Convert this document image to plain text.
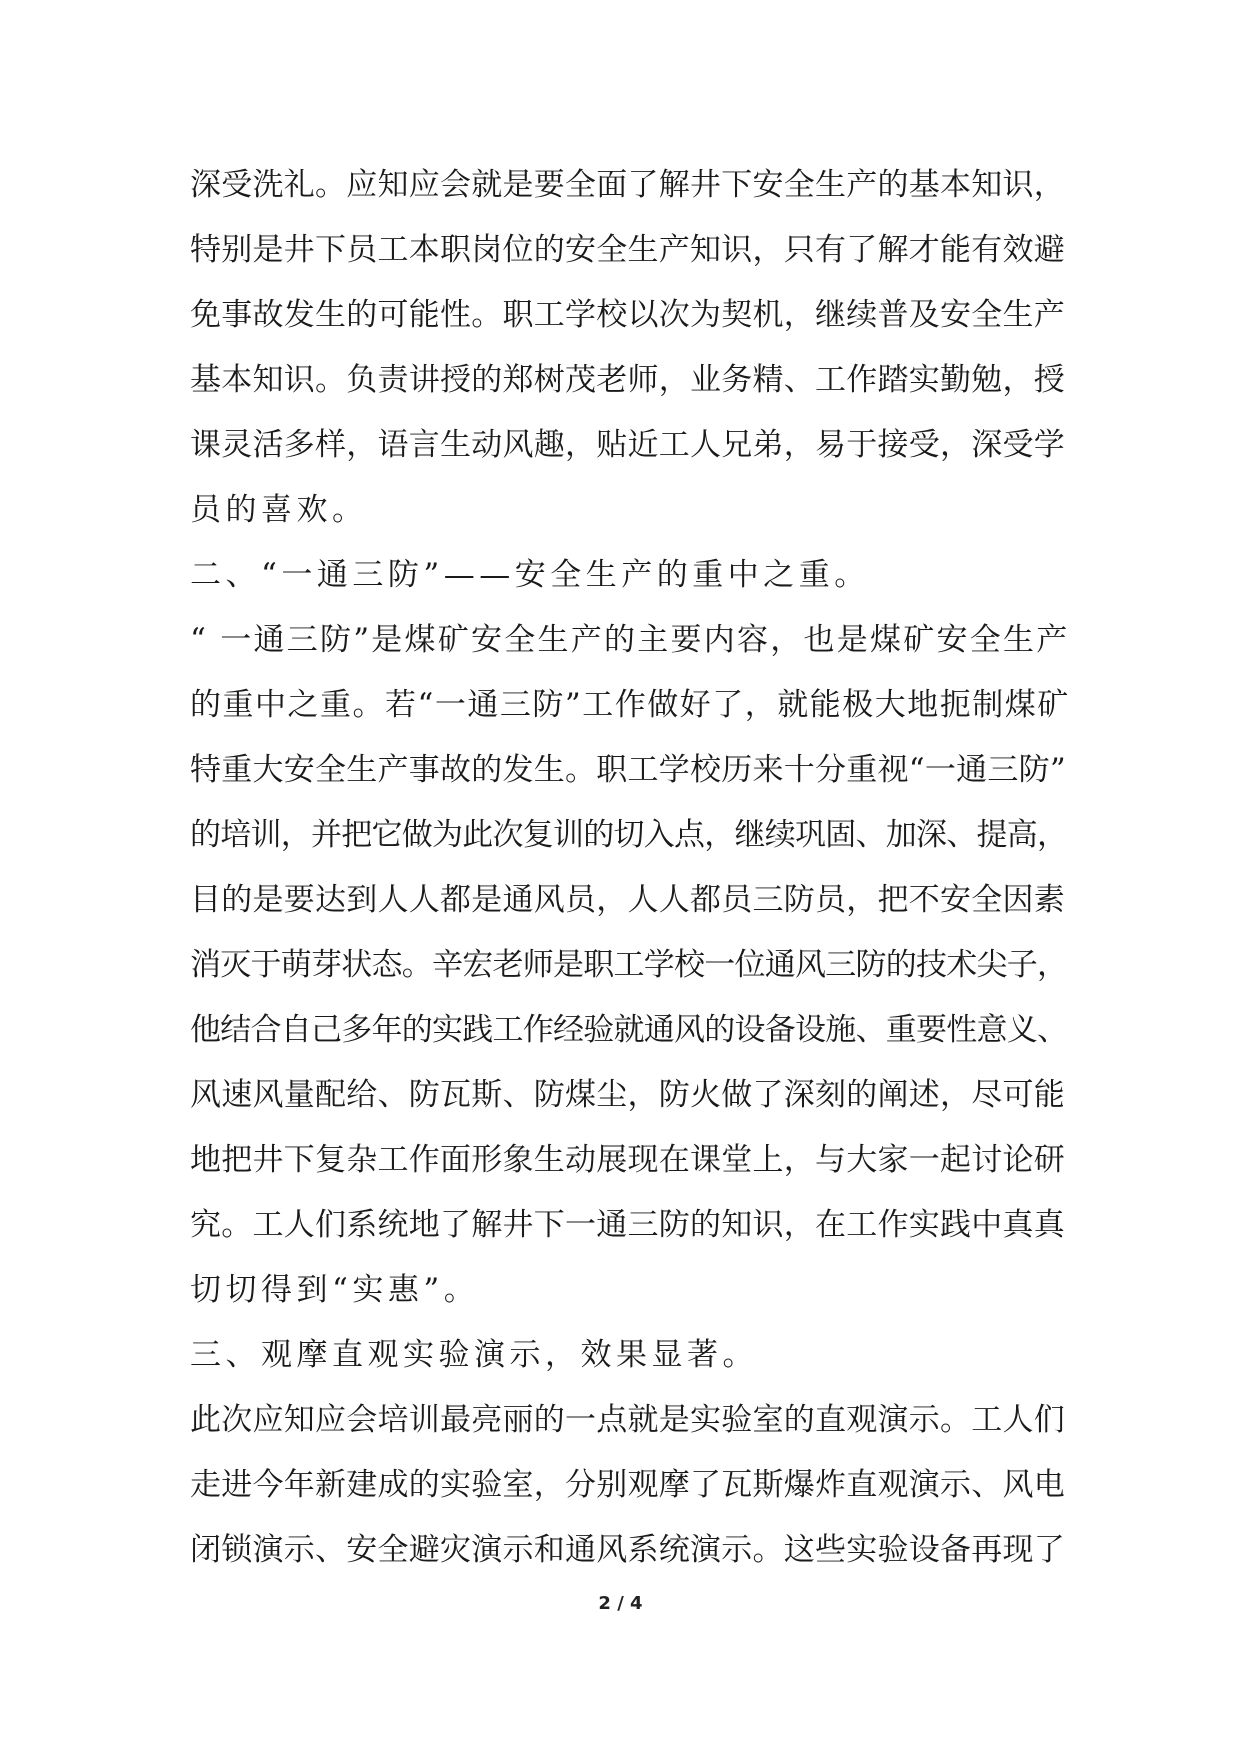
深受洗礼。应知应会就是要全面了解井下安全生产的基本知识，
特别是井下员工本职岗位的安全生产知识，只有了解才能有效避
免事故发生的可能性。职工学校以次为契机，继续普及安全生产
基本知识。负责讲授的郑树茂老师，业务精、工作踏实勤勉，授
课灵活多样，语言生动风趣，贴近工人兄弟，易于接受，深受学
员的喜欢。
二、“一通三防”——安全生产的重中之重。
“ 一通三防”是煤矿安全生产的主要内容，也是煤矿安全生产
的重中之重。若“一通三防”工作做好了，就能极大地扼制煤矿
特重大安全生产事故的发生。职工学校历来十分重视“一通三防”
的培训，并把它做为此次复训的切入点，继续巩固、加深、提高，
目的是要达到人人都是通风员，人人都员三防员，把不安全因素
消灭于萌芽状态。辛宏老师是职工学校一位通风三防的技术尖子，
他结合自己多年的实践工作经验就通风的设备设施、重要性意义、
风速风量配给、防瓦斯、防煤尘，防火做了深刻的阐述，尽可能
地把井下复杂工作面形象生动展现在课堂上，与大家一起讨论研
究。工人们系统地了解井下一通三防的知识，在工作实践中真真
切切得到“实惠”。
三、观摩直观实验演示，效果显著。
此次应知应会培训最亮丽的一点就是实验室的直观演示。工人们
走进今年新建成的实验室，分别观摩了瓦斯爆炸直观演示、风电
闭锁演示、安全避灾演示和通风系统演示。这些实验设备再现了
2 / 4
